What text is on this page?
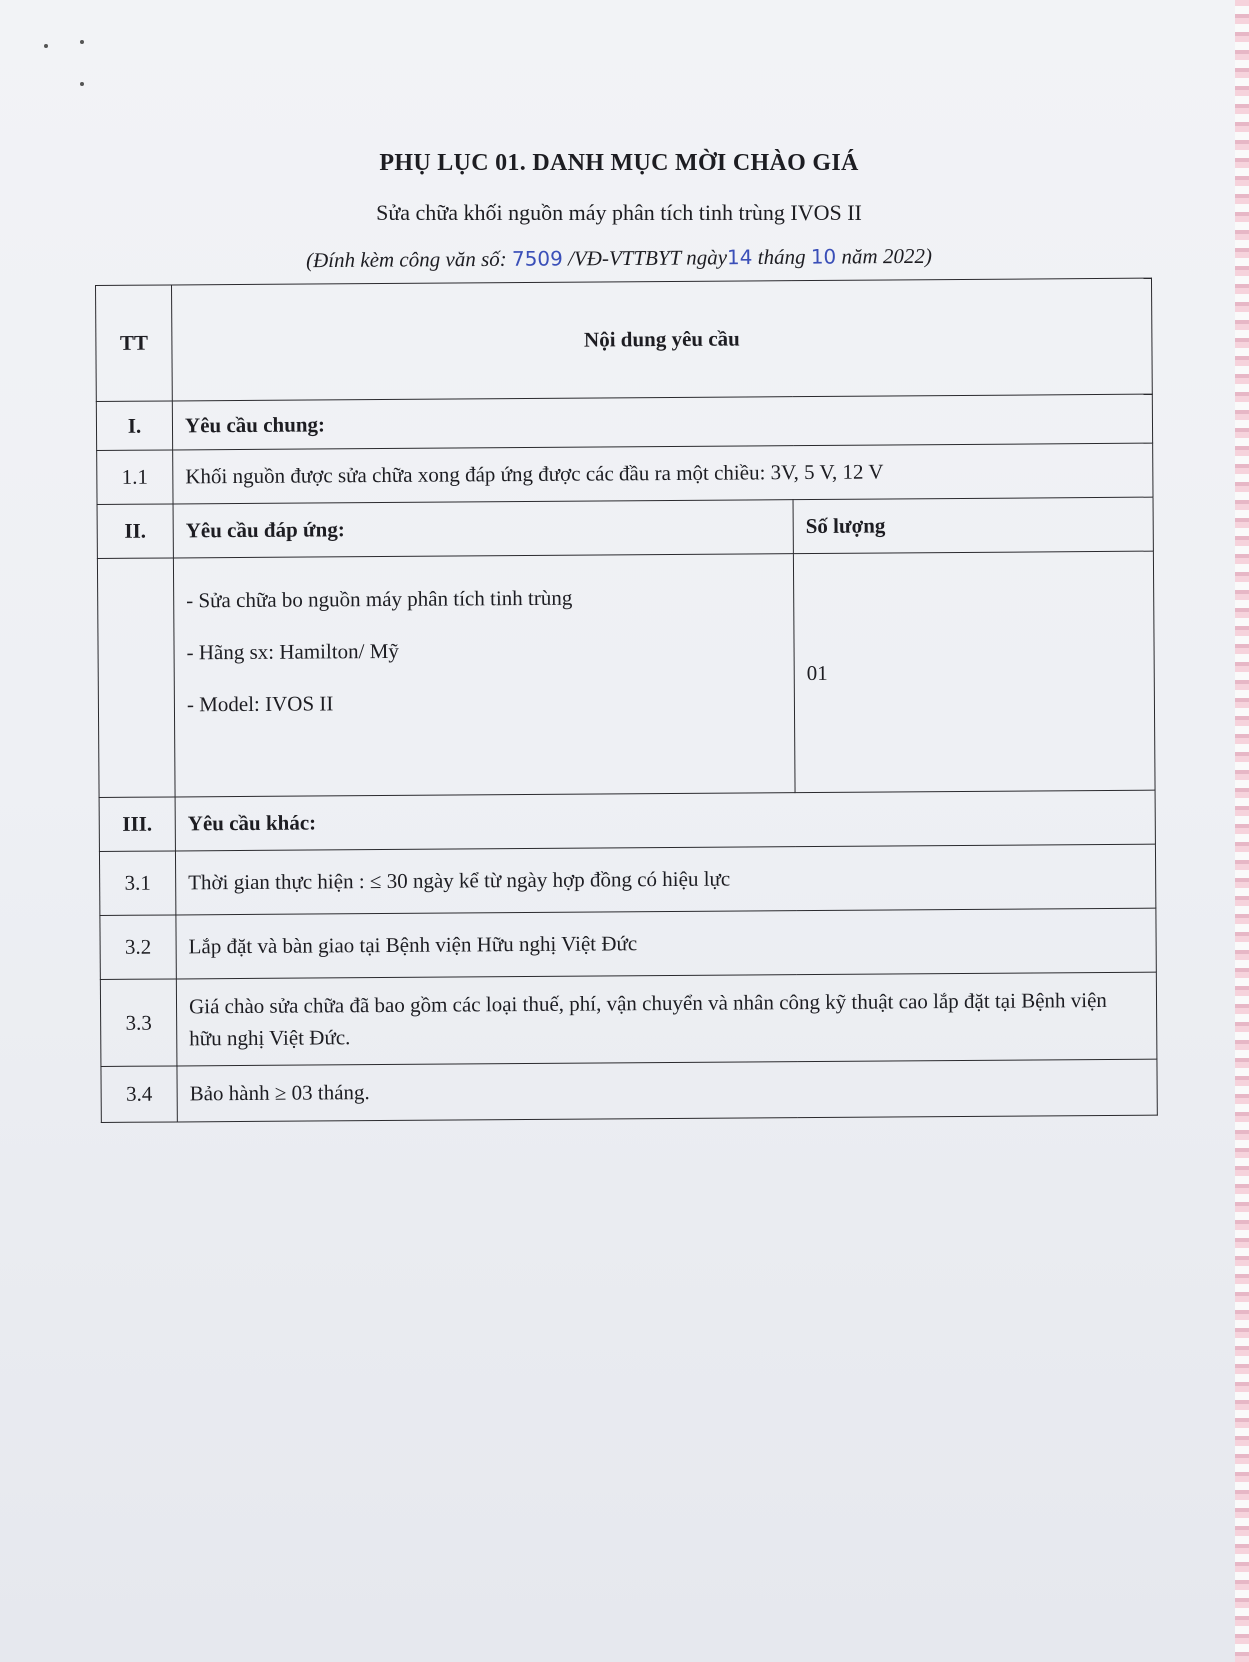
PHỤ LỤC 01. DANH MỤC MỜI CHÀO GIÁ
Sửa chữa khối nguồn máy phân tích tinh trùng IVOS II
(Đính kèm công văn số: 7509 /VĐ-VTTBYT ngày14 tháng 10 năm 2022)
TT	Nội dung yêu cầu	
I.	Yêu cầu chung:	
1.1	Khối nguồn được sửa chữa xong đáp ứng được các đầu ra một chiều: 3V, 5 V, 12 V	
II.	Yêu cầu đáp ứng:	Số lượng

	- Sửa chữa bo nguồn máy phân tích tinh trùng
- Hãng sx: Hamilton/ Mỹ
- Model: IVOS II	01
III.	Yêu cầu khác:	
3.1	Thời gian thực hiện : ≤ 30 ngày kể từ ngày hợp đồng có hiệu lực	
3.2	Lắp đặt và bàn giao tại Bệnh viện Hữu nghị Việt Đức	
3.3	Giá chào sửa chữa đã bao gồm các loại thuế, phí, vận chuyển và nhân công kỹ thuật cao lắp đặt tại Bệnh viện hữu nghị Việt Đức.	
3.4	Bảo hành ≥ 03 tháng.	
